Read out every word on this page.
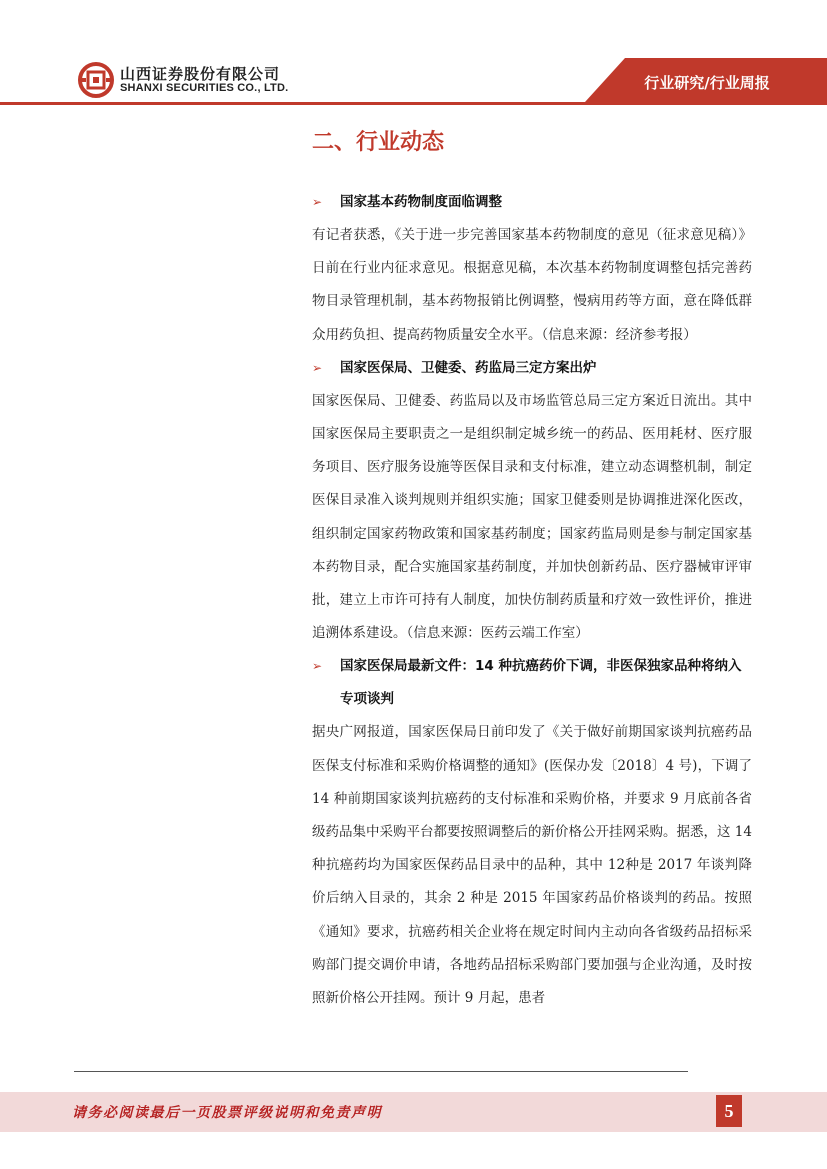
山西证券股份有限公司
SHANXI SECURITIES CO., LTD.	行业研究/行业周报
二、行业动态
➢ 国家基本药物制度面临调整

有记者获悉，《关于进一步完善国家基本药物制度的意见（征求意见稿）》日前在行业内征求意见。根据意见稿，本次基本药物制度调整包括完善药物目录管理机制，基本药物报销比例调整，慢病用药等方面，意在降低群众用药负担、提高药物质量安全水平。（信息来源：经济参考报）

➢ 国家医保局、卫健委、药监局三定方案出炉

国家医保局、卫健委、药监局以及市场监管总局三定方案近日流出。其中国家医保局主要职责之一是组织制定城乡统一的药品、医用耗材、医疗服务项目、医疗服务设施等医保目录和支付标准，建立动态调整机制，制定医保目录准入谈判规则并组织实施；国家卫健委则是协调推进深化医改，组织制定国家药物政策和国家基药制度；国家药监局则是参与制定国家基本药物目录，配合实施国家基药制度，并加快创新药品、医疗器械审评审批，建立上市许可持有人制度，加快仿制药质量和疗效一致性评价，推进追溯体系建设。（信息来源：医药云端工作室）

➢ 国家医保局最新文件：14 种抗癌药价下调，非医保独家品种将纳入专项谈判

据央广网报道，国家医保局日前印发了《关于做好前期国家谈判抗癌药品医保支付标准和采购价格调整的通知》(医保办发〔2018〕4 号)，下调了 14 种前期国家谈判抗癌药的支付标准和采购价格，并要求 9 月底前各省级药品集中采购平台都要按照调整后的新价格公开挂网采购。据悉，这 14 种抗癌药均为国家医保药品目录中的品种，其中 12种是 2017 年谈判降价后纳入目录的，其余 2 种是 2015 年国家药品价格谈判的药品。按照《通知》要求，抗癌药相关企业将在规定时间内主动向各省级药品招标采购部门提交调价申请，各地药品招标采购部门要加强与企业沟通，及时按照新价格公开挂网。预计 9 月起，患者

请务必阅读最后一页股票评级说明和免责声明	5
